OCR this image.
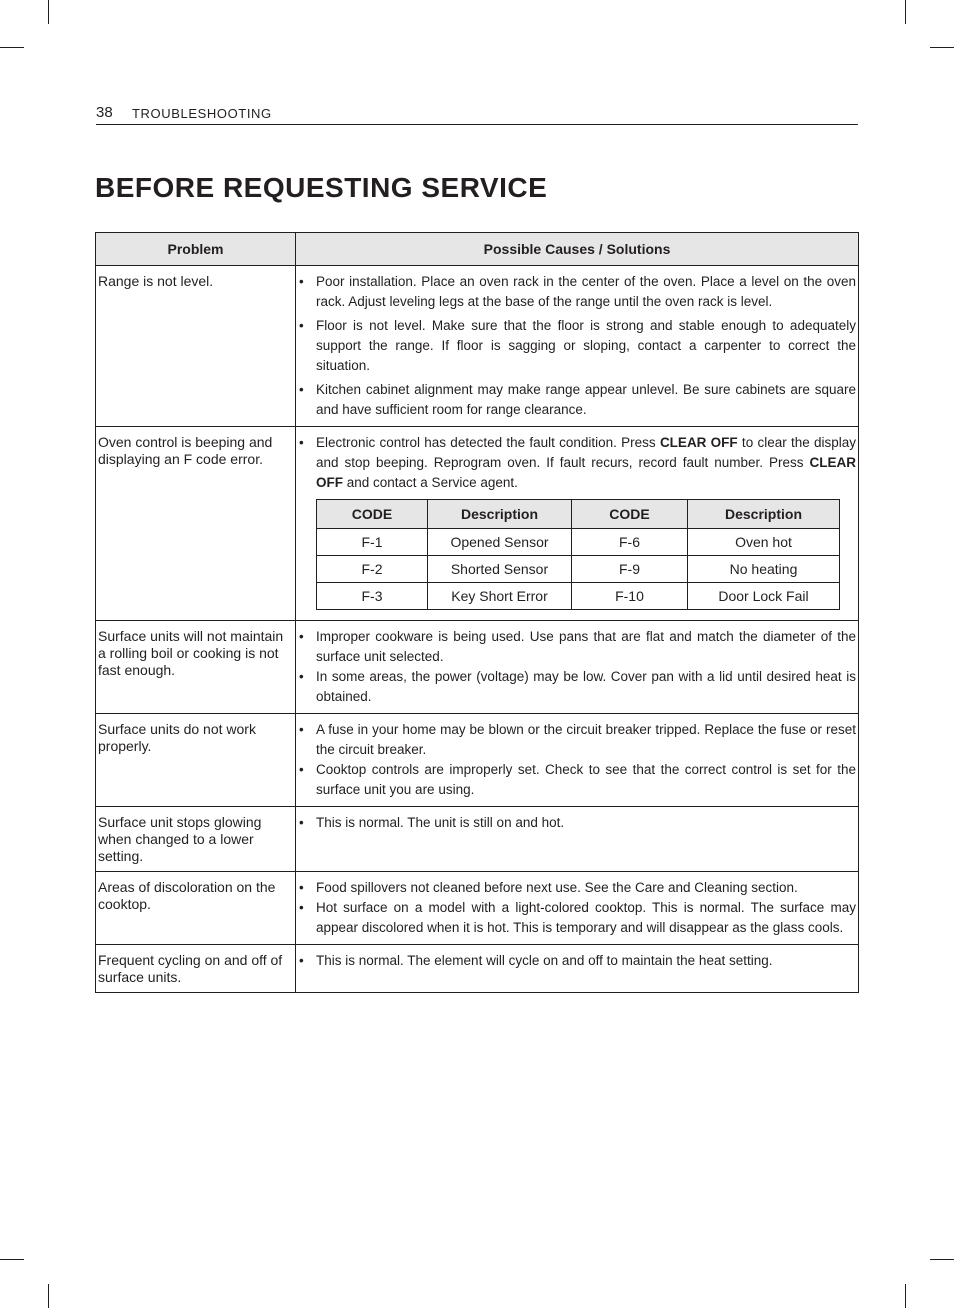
38 TROUBLESHOOTING
BEFORE REQUESTING SERVICE
Problem	Possible Causes / Solutions
Range is not level.	• Poor installation. Place an oven rack in the center of the oven. Place a level on the oven rack. Adjust leveling legs at the base of the range until the oven rack is level.
• Floor is not level. Make sure that the floor is strong and stable enough to adequately support the range. If floor is sagging or sloping, contact a carpenter to correct the situation.
• Kitchen cabinet alignment may make range appear unlevel. Be sure cabinets are square and have sufficient room for range clearance.

Oven control is beeping and displaying an F code error.	
• Electronic control has detected the fault condition. Press CLEAR OFF to clear the display and stop beeping. Reprogram oven. If fault recurs, record fault number. Press CLEAR OFF and contact a Service agent.
CODE	Description	CODE	Description
F-1	Opened Sensor	F-6	Oven hot
F-2	Shorted Sensor	F-9	No heating
F-3	Key Short Error	F-10	Door Lock Fail

Surface units will not maintain a rolling boil or cooking is not fast enough.	
• Improper cookware is being used. Use pans that are flat and match the diameter of the surface unit selected.
• In some areas, the power (voltage) may be low. Cover pan with a lid until desired heat is obtained.

Surface units do not work properly.	
• A fuse in your home may be blown or the circuit breaker tripped. Replace the fuse or reset the circuit breaker.
• Cooktop controls are improperly set. Check to see that the correct control is set for the surface unit you are using.

Surface unit stops glowing when changed to a lower setting.	
• This is normal. The unit is still on and hot.

Areas of discoloration on the cooktop.	
• Food spillovers not cleaned before next use. See the Care and Cleaning section.
• Hot surface on a model with a light-colored cooktop. This is normal. The surface may appear discolored when it is hot. This is temporary and will disappear as the glass cools.

Frequent cycling on and off of surface units.	
• This is normal. The element will cycle on and off to maintain the heat setting.
